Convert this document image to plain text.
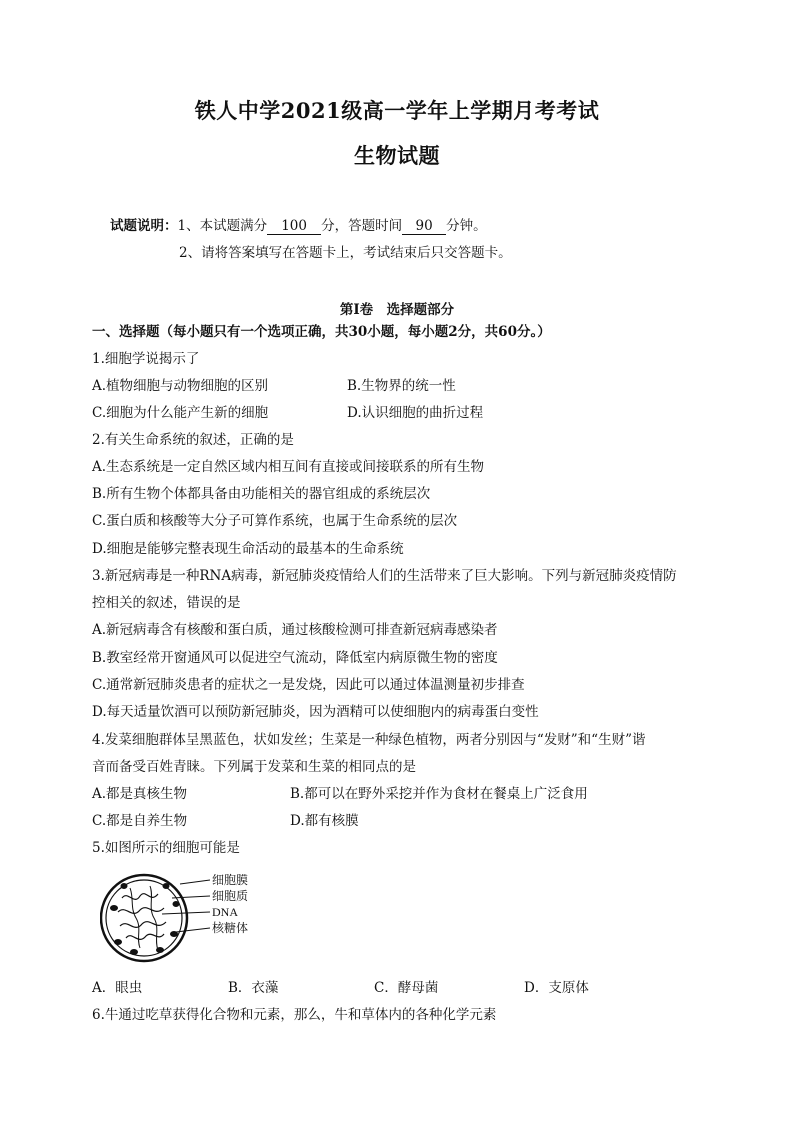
铁人中学2021级高一学年上学期月考考试
生物试题
试题说明：1、本试题满分 100 分，答题时间 90 分钟。
2、请将答案填写在答题卡上，考试结束后只交答题卡。
第Ⅰ卷　选择题部分
一、选择题（每小题只有一个选项正确，共30小题，每小题2分，共60分。）
1.细胞学说揭示了
A.植物细胞与动物细胞的区别	B.生物界的统一性
C.细胞为什么能产生新的细胞	D.认识细胞的曲折过程
2.有关生命系统的叙述，正确的是
A.生态系统是一定自然区域内相互间有直接或间接联系的所有生物
B.所有生物个体都具备由功能相关的器官组成的系统层次
C.蛋白质和核酸等大分子可算作系统，也属于生命系统的层次
D.细胞是能够完整表现生命活动的最基本的生命系统
3.新冠病毒是一种RNA病毒，新冠肺炎疫情给人们的生活带来了巨大影响。下列与新冠肺炎疫情防
控相关的叙述，错误的是
A.新冠病毒含有核酸和蛋白质，通过核酸检测可排查新冠病毒感染者
B.教室经常开窗通风可以促进空气流动，降低室内病原微生物的密度
C.通常新冠肺炎患者的症状之一是发烧，因此可以通过体温测量初步排查
D.每天适量饮酒可以预防新冠肺炎，因为酒精可以使细胞内的病毒蛋白变性
4.发菜细胞群体呈黑蓝色，状如发丝；生菜是一种绿色植物，两者分别因与“发财”和“生财”谐
音而备受百姓青睐。下列属于发菜和生菜的相同点的是
A.都是真核生物	B.都可以在野外采挖并作为食材在餐桌上广泛食用
C.都是自养生物	D.都有核膜
5.如图所示的细胞可能是
细胞膜
细胞质
DNA
核糖体
A．眼虫	B．衣藻	C．酵母菌	D．支原体
6.牛通过吃草获得化合物和元素，那么，牛和草体内的各种化学元素
